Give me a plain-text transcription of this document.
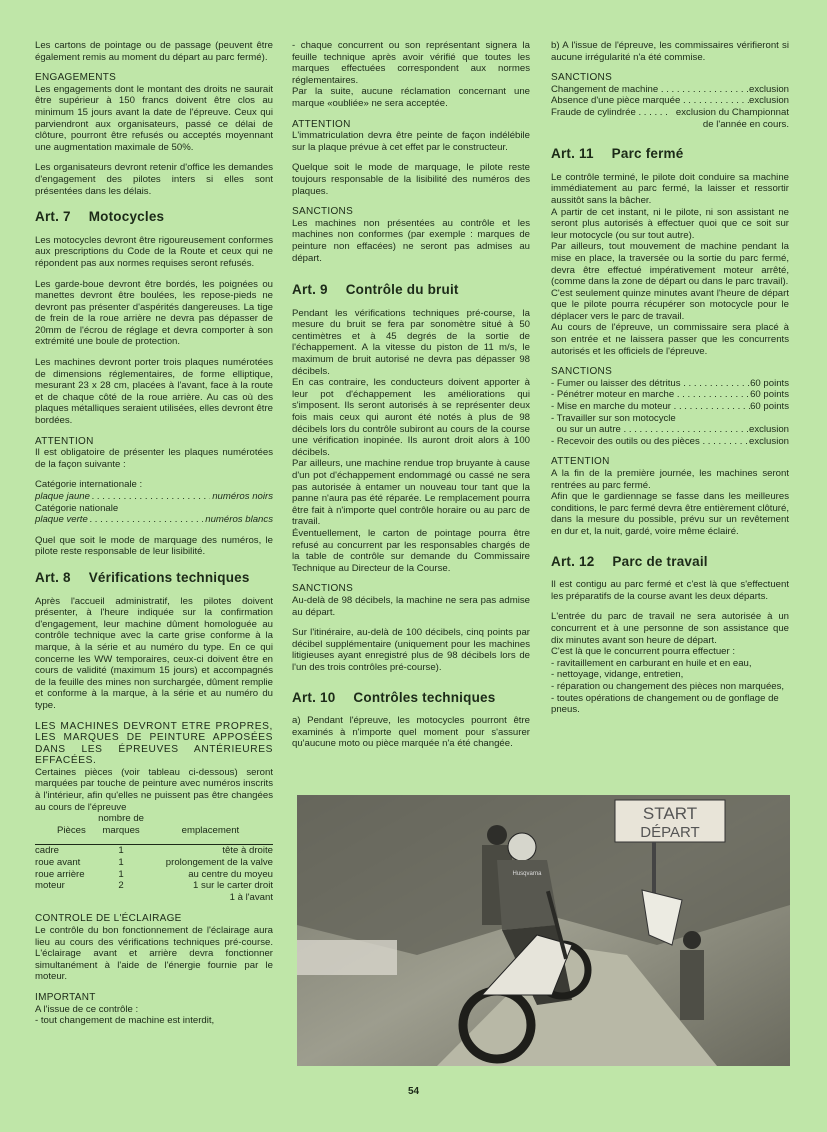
Les cartons de pointage ou de passage (peuvent être également remis au moment du départ au parc fermé).

ENGAGEMENTS

Les engagements dont le montant des droits ne saurait être supérieur à 150 francs doivent être clos au minimum 15 jours avant la date de l'épreuve. Ceux qui parviendront aux organisateurs, passé ce délai de clôture, pourront être refusés ou acceptés moyennant une augmentation maximale de 50%.

Les organisateurs devront retenir d'office les demandes d'engagement des pilotes inters si elles sont présentées dans les délais.

Art. 7 Motocycles

Les motocycles devront être rigoureusement conformes aux prescriptions du Code de la Route et ceux qui ne répondent pas aux normes requises seront refusés.

Les garde-boue devront être bordés, les poignées ou manettes devront être boulées, les repose-pieds ne devront pas présenter d'aspérités dangereuses. La tige de frein de la roue arrière ne devra pas dépasser de 20mm de l'écrou de réglage et devra comporter à son extrémité une boule de protection.

Les machines devront porter trois plaques numérotées de dimensions réglementaires, de forme elliptique, mesurant 23 x 28 cm, placées à l'avant, face à la route et de chaque côté de la roue arrière. Au cas où des plaques métalliques seraient utilisées, elles devront être bordées.

ATTENTION

Il est obligatoire de présenter les plaques numérotées de la façon suivante :

Catégorie internationale :

plaque jaune . . .	numéros noirs

Catégorie nationale

plaque verte . . .	numéros blancs

Quel que soit le mode de marquage des numéros, le pilote reste responsable de leur lisibilité.

Art. 8 Vérifications techniques

Après l'accueil administratif, les pilotes doivent présenter, à l'heure indiquée sur la confirmation d'engagement, leur machine dûment homologuée au contrôle technique avec la carte grise conforme à la marque, à la série et au numéro du type. En ce qui concerne les WW temporaires, ceux-ci doivent être en cours de validité (maximum 15 jours) et accompagnés de la feuille des mines non surchargée, dûment remplie et conforme à la marque, à la série et au numéro du type.

LES MACHINES DEVRONT ETRE PROPRES, LES MARQUES DE PEINTURE APPOSÉES DANS LES ÉPREUVES ANTÉRIEURES EFFACÉES.

Certaines pièces (voir tableau ci-dessous) seront marquées par touche de peinture avec numéros inscrits à l'intérieur, afin qu'elles ne puissent pas être changées au cours de l'épreuve

	nombre de	
Pièces	marques	emplacement

cadre	1	tête à droite
roue avant	1	prolongement de la valve
roue arrière	1	au centre du moyeu
moteur	2	1 sur le carter droit
		1 à l'avant

CONTROLE DE L'ÉCLAIRAGE

Le contrôle du bon fonctionnement de l'éclairage aura lieu au cours des vérifications techniques pré-course. L'éclairage avant et arrière devra fonctionner simultanément à l'aide de l'énergie fournie par le moteur.

IMPORTANT

A l'issue de ce contrôle :

- tout changement de machine est interdit,

- chaque concurrent ou son représentant signera la feuille technique après avoir vérifié que toutes les marques effectuées correspondent aux normes réglementaires.

Par la suite, aucune réclamation concernant une marque «oubliée» ne sera acceptée.

ATTENTION

L'immatriculation devra être peinte de façon indélébile sur la plaque prévue à cet effet par le constructeur.

Quelque soit le mode de marquage, le pilote reste toujours responsable de la lisibilité des numéros des plaques.

SANCTIONS

Les machines non présentées au contrôle et les machines non conformes (par exemple : marques de peinture non effacées) ne seront pas admises au départ.

Art. 9 Contrôle du bruit

Pendant les vérifications techniques pré-course, la mesure du bruit se fera par sonomètre situé à 50 centimètres et à 45 degrés de la sortie de l'échappement. A la vitesse du piston de 11 m/s, le maximum de bruit autorisé ne devra pas dépasser 98 décibels.

En cas contraire, les conducteurs doivent apporter à leur pot d'échappement les améliorations qui s'imposent. Ils seront autorisés à se représenter deux fois mais ceux qui auront été notés à plus de 98 décibels lors du contrôle subiront au cours de la course une vérification inopinée. Ils auront droit alors à 100 décibels.

Par ailleurs, une machine rendue trop bruyante à cause d'un pot d'échappement endommagé ou cassé ne sera pas autorisée à entamer un nouveau tour tant que la panne n'aura pas été réparée. Le remplacement pourra être fait à n'importe quel contrôle horaire ou au parc de travail.

Éventuellement, le carton de pointage pourra être refusé au concurrent par les responsables chargés de la table de contrôle sur demande du Commissaire Technique au Directeur de la Course.

SANCTIONS

Au-delà de 98 décibels, la machine ne sera pas admise au départ.

Sur l'itinéraire, au-delà de 100 décibels, cinq points par décibel supplémentaire (uniquement pour les machines litigieuses ayant enregistré plus de 98 décibels lors de l'un des trois contrôles pré-course).

Art. 10 Contrôles techniques

a) Pendant l'épreuve, les motocycles pourront être examinés à n'importe quel moment pour s'assurer qu'aucune moto ou pièce marquée n'a été changée.

b) A l'issue de l'épreuve, les commissaires vérifieront si aucune irrégularité n'a été commise.

SANCTIONS

Changement de machine . . .	exclusion
Absence d'une pièce marquée . . .	exclusion
Fraude de cylindrée . . .	exclusion du Championnat de l'année en cours.
Art. 11 Parc fermé

Le contrôle terminé, le pilote doit conduire sa machine immédiatement au parc fermé, la laisser et ressortir aussitôt sans la bâcher.

A partir de cet instant, ni le pilote, ni son assistant ne seront plus autorisés à effectuer quoi que ce soit sur leur motocycle (ou sur tout autre).

Par ailleurs, tout mouvement de machine pendant la mise en place, la traversée ou la sortie du parc fermé, devra être effectué impérativement moteur arrêté, (comme dans la zone de départ ou dans le parc travail).

C'est seulement quinze minutes avant l'heure de départ que le pilote pourra récupérer son motocycle pour le déplacer vers le parc de travail.

Au cours de l'épreuve, un commissaire sera placé à son entrée et ne laissera passer que les concurrents autorisés et les officiels de l'épreuve.

SANCTIONS

- Fumer ou laisser des détritus . . .	60 points
- Pénétrer moteur en marche . . .	60 points
- Mise en marche du moteur . . .	60 points
- Travailler sur son motocycle
ou sur un autre . . .	exclusion
- Recevoir des outils ou des pièces . . .	exclusion

ATTENTION

A la fin de la première journée, les machines seront rentrées au parc fermé.

Afin que le gardiennage se fasse dans les meilleures conditions, le parc fermé devra être entièrement clôturé, dans la mesure du possible, prévu sur un revêtement en dur et, la nuit, gardé, voire même éclairé.

Art. 12 Parc de travail

Il est contigu au parc fermé et c'est là que s'effectuent les préparatifs de la course avant les deux départs.

L'entrée du parc de travail ne sera autorisée à un concurrent et à une personne de son assistance que dix minutes avant son heure de départ.

C'est là que le concurrent pourra effectuer :

- ravitaillement en carburant en huile et en eau,
- nettoyage, vidange, entretien,
- réparation ou changement des pièces non marquées,
- toutes opérations de changement ou de gonflage de pneus.
START
DÉPART
Husqvarna
54
